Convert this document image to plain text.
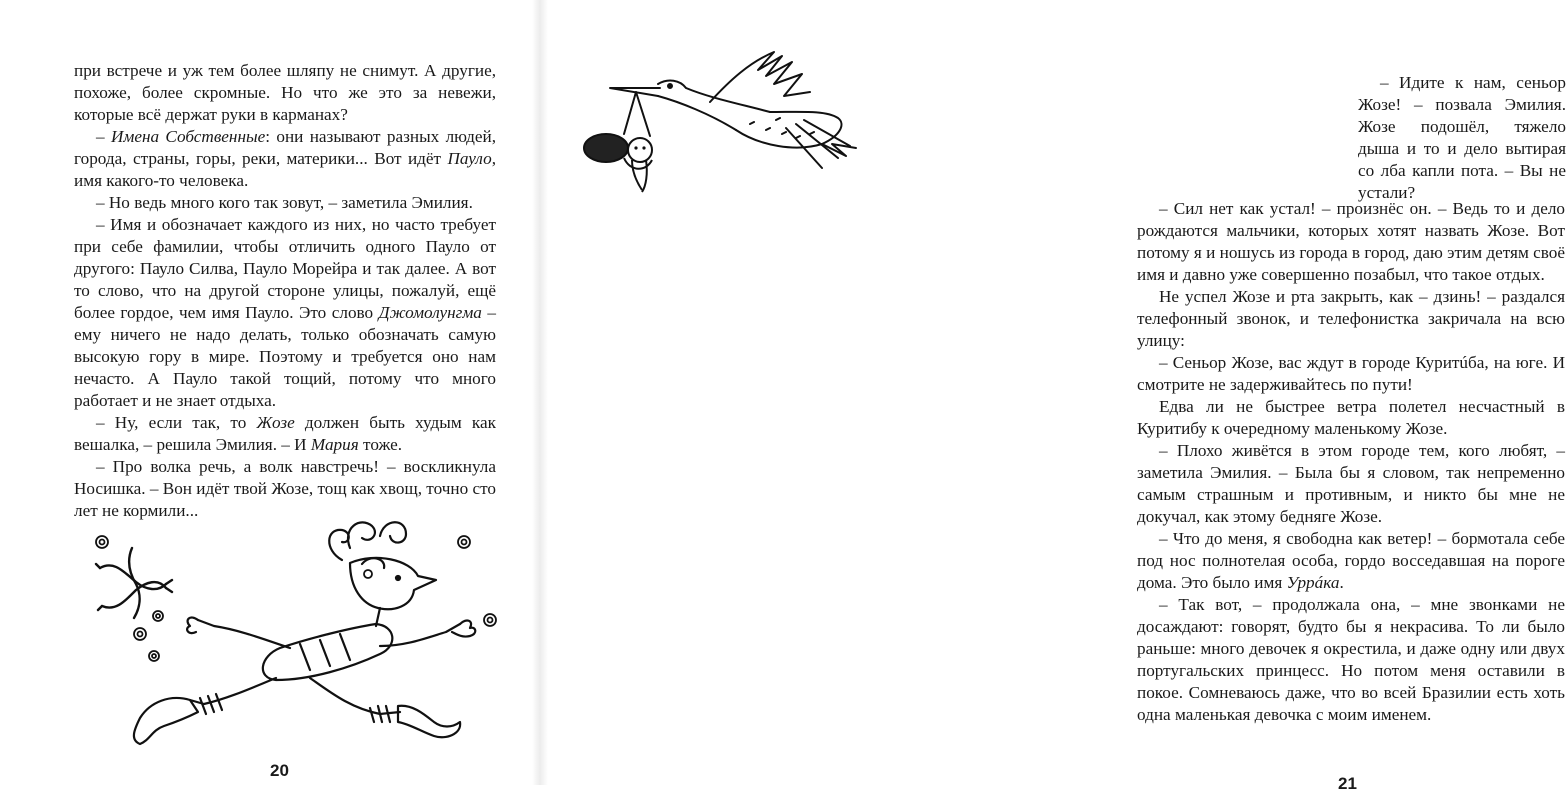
при встрече и уж тем более шляпу не снимут. А другие, похоже, более скромные. Но что же это за невежи, которые всё держат руки в карманах?

– Имена Собственные: они называют разных людей, города, страны, горы, реки, материки... Вот идёт Пауло, имя какого-то человека.

– Но ведь много кого так зовут, – заметила Эмилия.

– Имя и обозначает каждого из них, но часто требует при себе фамилии, чтобы отличить одного Пауло от другого: Пауло Силва, Пауло Морейра и так далее. А вот то слово, что на другой стороне улицы, пожалуй, ещё более гордое, чем имя Пауло. Это слово Джомолунгма – ему ничего не надо делать, только обозначать самую высокую гору в мире. Поэтому и требуется оно нам нечасто. А Пауло такой тощий, потому что много работает и не знает отдыха.

– Ну, если так, то Жозе должен быть худым как вешалка, – решила Эмилия. – И Мария тоже.

– Про волка речь, а волк навстречь! – воскликнула Носишка. – Вон идёт твой Жозе, тощ как хвощ, точно сто лет не кормили...

20

– Идите к нам, сеньор Жозе! – позвала Эмилия. Жозе подошёл, тяжело дыша и то и дело вытирая со лба капли пота. – Вы не устали?

– Сил нет как устал! – произнёс он. – Ведь то и дело рождаются мальчики, которых хотят назвать Жозе. Вот потому я и ношусь из города в город, даю этим детям своё имя и давно уже совершенно позабыл, что такое отдых.

Не успел Жозе и рта закрыть, как – дзинь! – раздался телефонный звонок, и телефонистка закричала на всю улицу:

– Сеньор Жозе, вас ждут в городе Куритúба, на юге. И смотрите не задерживайтесь по пути!

Едва ли не быстрее ветра полетел несчастный в Куритибу к очередному маленькому Жозе.

– Плохо живётся в этом городе тем, кого любят, – заметила Эмилия. – Была бы я словом, так непременно самым страшным и противным, и никто бы мне не докучал, как этому бедняге Жозе.

– Что до меня, я свободна как ветер! – бормотала себе под нос полнотелая особа, гордо восседавшая на пороге дома. Это было имя Уррáка.

– Так вот, – продолжала она, – мне звонками не досаждают: говорят, будто бы я некрасива. То ли было раньше: много девочек я окрестила, и даже одну или двух португальских принцесс. Но потом меня оставили в покое. Сомневаюсь даже, что во всей Бразилии есть хоть одна маленькая девочка с моим именем.

21
